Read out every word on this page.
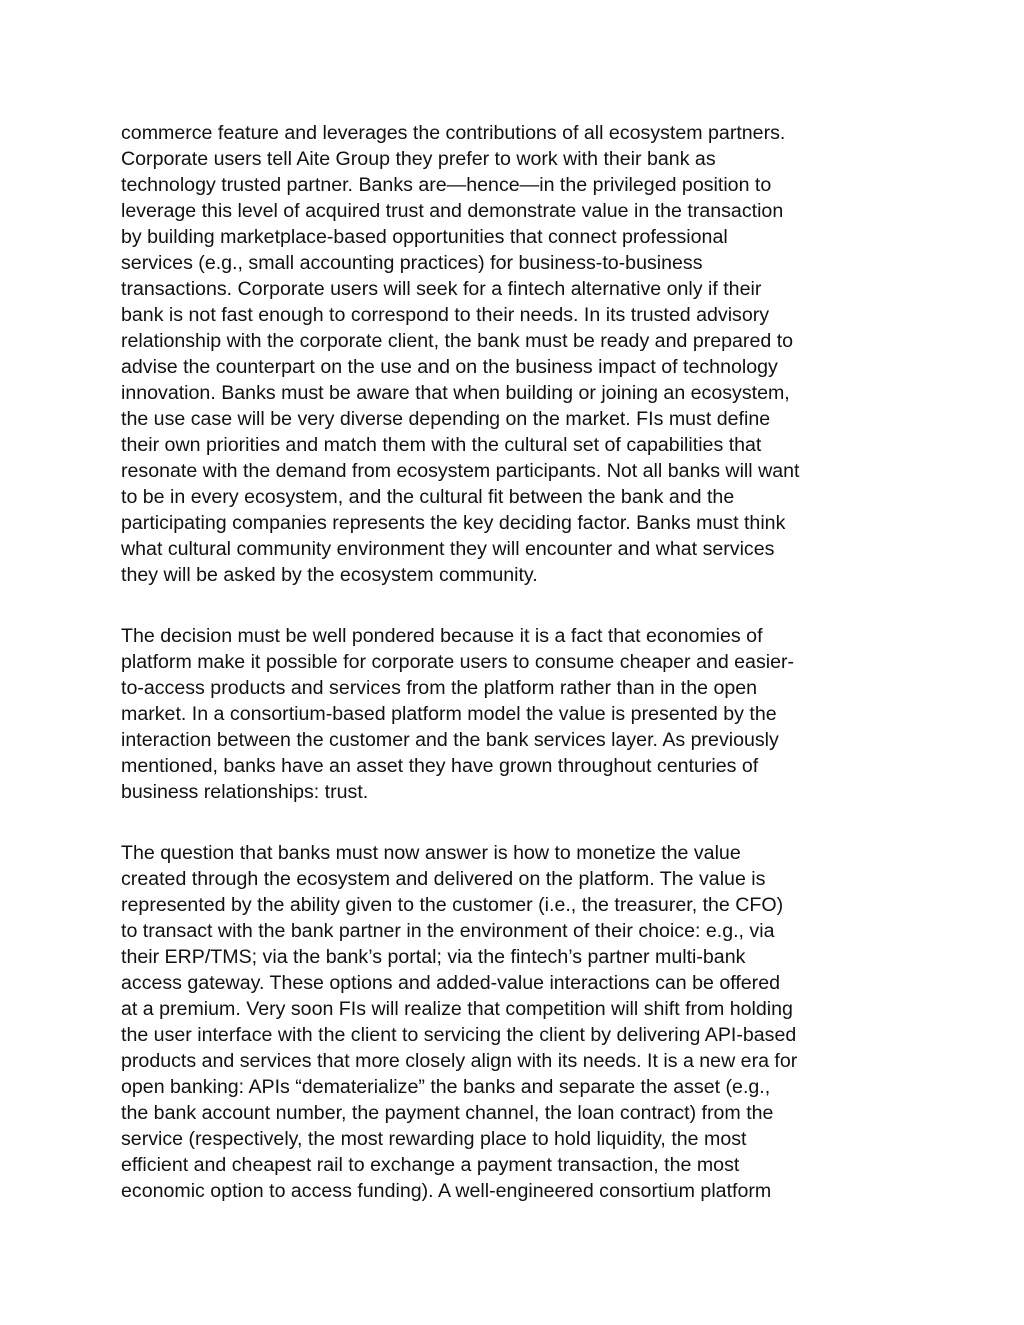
commerce feature and leverages the contributions of all ecosystem partners.
Corporate users tell Aite Group they prefer to work with their bank as
technology trusted partner. Banks are—hence—in the privileged position to
leverage this level of acquired trust and demonstrate value in the transaction
by building marketplace-based opportunities that connect professional
services (e.g., small accounting practices) for business-to-business
transactions. Corporate users will seek for a fintech alternative only if their
bank is not fast enough to correspond to their needs. In its trusted advisory
relationship with the corporate client, the bank must be ready and prepared to
advise the counterpart on the use and on the business impact of technology
innovation. Banks must be aware that when building or joining an ecosystem,
the use case will be very diverse depending on the market. FIs must define
their own priorities and match them with the cultural set of capabilities that
resonate with the demand from ecosystem participants. Not all banks will want
to be in every ecosystem, and the cultural fit between the bank and the
participating companies represents the key deciding factor. Banks must think
what cultural community environment they will encounter and what services
they will be asked by the ecosystem community.
The decision must be well pondered because it is a fact that economies of
platform make it possible for corporate users to consume cheaper and easier-
to-access products and services from the platform rather than in the open
market. In a consortium-based platform model the value is presented by the
interaction between the customer and the bank services layer. As previously
mentioned, banks have an asset they have grown throughout centuries of
business relationships: trust.
The question that banks must now answer is how to monetize the value
created through the ecosystem and delivered on the platform. The value is
represented by the ability given to the customer (i.e., the treasurer, the CFO)
to transact with the bank partner in the environment of their choice: e.g., via
their ERP/TMS; via the bank’s portal; via the fintech’s partner multi-bank
access gateway. These options and added-value interactions can be offered
at a premium. Very soon FIs will realize that competition will shift from holding
the user interface with the client to servicing the client by delivering API-based
products and services that more closely align with its needs. It is a new era for
open banking: APIs “dematerialize” the banks and separate the asset (e.g.,
the bank account number, the payment channel, the loan contract) from the
service (respectively, the most rewarding place to hold liquidity, the most
efficient and cheapest rail to exchange a payment transaction, the most
economic option to access funding). A well-engineered consortium platform
